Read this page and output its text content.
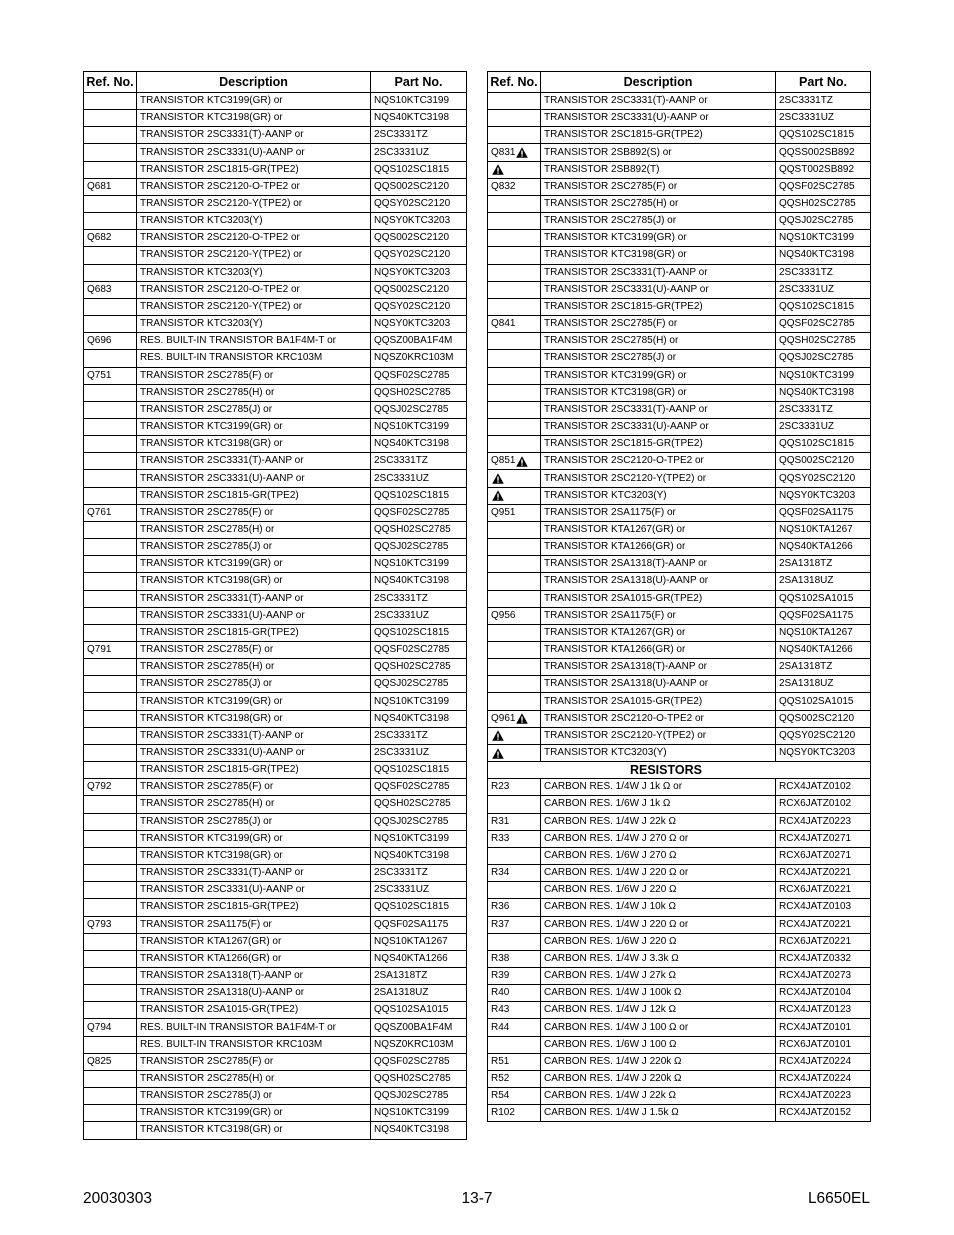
Ref. No.	Description	Part No.
TRANSISTOR KTC3199(GR) or	NQS10KTC3199
TRANSISTOR KTC3198(GR) or	NQS40KTC3198
TRANSISTOR 2SC3331(T)-AANP or	2SC3331TZ
TRANSISTOR 2SC3331(U)-AANP or	2SC3331UZ
TRANSISTOR 2SC1815-GR(TPE2)	QQS102SC1815
Q681	TRANSISTOR 2SC2120-O-TPE2 or	QQS002SC2120
TRANSISTOR 2SC2120-Y(TPE2) or	QQSY02SC2120
TRANSISTOR KTC3203(Y)	NQSY0KTC3203
Q682	TRANSISTOR 2SC2120-O-TPE2 or	QQS002SC2120
TRANSISTOR 2SC2120-Y(TPE2) or	QQSY02SC2120
TRANSISTOR KTC3203(Y)	NQSY0KTC3203
Q683	TRANSISTOR 2SC2120-O-TPE2 or	QQS002SC2120
TRANSISTOR 2SC2120-Y(TPE2) or	QQSY02SC2120
TRANSISTOR KTC3203(Y)	NQSY0KTC3203
Q696	RES. BUILT-IN TRANSISTOR BA1F4M-T or	QQSZ00BA1F4M
RES. BUILT-IN TRANSISTOR KRC103M	NQSZ0KRC103M
Q751	TRANSISTOR 2SC2785(F) or	QQSF02SC2785
TRANSISTOR 2SC2785(H) or	QQSH02SC2785
TRANSISTOR 2SC2785(J) or	QQSJ02SC2785
TRANSISTOR KTC3199(GR) or	NQS10KTC3199
TRANSISTOR KTC3198(GR) or	NQS40KTC3198
TRANSISTOR 2SC3331(T)-AANP or	2SC3331TZ
TRANSISTOR 2SC3331(U)-AANP or	2SC3331UZ
TRANSISTOR 2SC1815-GR(TPE2)	QQS102SC1815
Q761	TRANSISTOR 2SC2785(F) or	QQSF02SC2785
TRANSISTOR 2SC2785(H) or	QQSH02SC2785
TRANSISTOR 2SC2785(J) or	QQSJ02SC2785
TRANSISTOR KTC3199(GR) or	NQS10KTC3199
TRANSISTOR KTC3198(GR) or	NQS40KTC3198
TRANSISTOR 2SC3331(T)-AANP or	2SC3331TZ
TRANSISTOR 2SC3331(U)-AANP or	2SC3331UZ
TRANSISTOR 2SC1815-GR(TPE2)	QQS102SC1815
Q791	TRANSISTOR 2SC2785(F) or	QQSF02SC2785
TRANSISTOR 2SC2785(H) or	QQSH02SC2785
TRANSISTOR 2SC2785(J) or	QQSJ02SC2785
TRANSISTOR KTC3199(GR) or	NQS10KTC3199
TRANSISTOR KTC3198(GR) or	NQS40KTC3198
TRANSISTOR 2SC3331(T)-AANP or	2SC3331TZ
TRANSISTOR 2SC3331(U)-AANP or	2SC3331UZ
TRANSISTOR 2SC1815-GR(TPE2)	QQS102SC1815
Q792	TRANSISTOR 2SC2785(F) or	QQSF02SC2785
TRANSISTOR 2SC2785(H) or	QQSH02SC2785
TRANSISTOR 2SC2785(J) or	QQSJ02SC2785
TRANSISTOR KTC3199(GR) or	NQS10KTC3199
TRANSISTOR KTC3198(GR) or	NQS40KTC3198
TRANSISTOR 2SC3331(T)-AANP or	2SC3331TZ
TRANSISTOR 2SC3331(U)-AANP or	2SC3331UZ
TRANSISTOR 2SC1815-GR(TPE2)	QQS102SC1815
Q793	TRANSISTOR 2SA1175(F) or	QQSF02SA1175
TRANSISTOR KTA1267(GR) or	NQS10KTA1267
TRANSISTOR KTA1266(GR) or	NQS40KTA1266
TRANSISTOR 2SA1318(T)-AANP or	2SA1318TZ
TRANSISTOR 2SA1318(U)-AANP or	2SA1318UZ
TRANSISTOR 2SA1015-GR(TPE2)	QQS102SA1015
Q794	RES. BUILT-IN TRANSISTOR BA1F4M-T or	QQSZ00BA1F4M
RES. BUILT-IN TRANSISTOR KRC103M	NQSZ0KRC103M
Q825	TRANSISTOR 2SC2785(F) or	QQSF02SC2785
TRANSISTOR 2SC2785(H) or	QQSH02SC2785
TRANSISTOR 2SC2785(J) or	QQSJ02SC2785
TRANSISTOR KTC3199(GR) or	NQS10KTC3199
TRANSISTOR KTC3198(GR) or	NQS40KTC3198
Ref. No.	Description	Part No.
TRANSISTOR 2SC3331(T)-AANP or	2SC3331TZ
TRANSISTOR 2SC3331(U)-AANP or	2SC3331UZ
TRANSISTOR 2SC1815-GR(TPE2)	QQS102SC1815
Q831	TRANSISTOR 2SB892(S) or	QQSS002SB892
TRANSISTOR 2SB892(T)	QQST002SB892
Q832	TRANSISTOR 2SC2785(F) or	QQSF02SC2785
TRANSISTOR 2SC2785(H) or	QQSH02SC2785
TRANSISTOR 2SC2785(J) or	QQSJ02SC2785
TRANSISTOR KTC3199(GR) or	NQS10KTC3199
TRANSISTOR KTC3198(GR) or	NQS40KTC3198
TRANSISTOR 2SC3331(T)-AANP or	2SC3331TZ
TRANSISTOR 2SC3331(U)-AANP or	2SC3331UZ
TRANSISTOR 2SC1815-GR(TPE2)	QQS102SC1815
Q841	TRANSISTOR 2SC2785(F) or	QQSF02SC2785
TRANSISTOR 2SC2785(H) or	QQSH02SC2785
TRANSISTOR 2SC2785(J) or	QQSJ02SC2785
TRANSISTOR KTC3199(GR) or	NQS10KTC3199
TRANSISTOR KTC3198(GR) or	NQS40KTC3198
TRANSISTOR 2SC3331(T)-AANP or	2SC3331TZ
TRANSISTOR 2SC3331(U)-AANP or	2SC3331UZ
TRANSISTOR 2SC1815-GR(TPE2)	QQS102SC1815
Q851	TRANSISTOR 2SC2120-O-TPE2 or	QQS002SC2120
TRANSISTOR 2SC2120-Y(TPE2) or	QQSY02SC2120
TRANSISTOR KTC3203(Y)	NQSY0KTC3203
Q951	TRANSISTOR 2SA1175(F) or	QQSF02SA1175
TRANSISTOR KTA1267(GR) or	NQS10KTA1267
TRANSISTOR KTA1266(GR) or	NQS40KTA1266
TRANSISTOR 2SA1318(T)-AANP or	2SA1318TZ
TRANSISTOR 2SA1318(U)-AANP or	2SA1318UZ
TRANSISTOR 2SA1015-GR(TPE2)	QQS102SA1015
Q956	TRANSISTOR 2SA1175(F) or	QQSF02SA1175
TRANSISTOR KTA1267(GR) or	NQS10KTA1267
TRANSISTOR KTA1266(GR) or	NQS40KTA1266
TRANSISTOR 2SA1318(T)-AANP or	2SA1318TZ
TRANSISTOR 2SA1318(U)-AANP or	2SA1318UZ
TRANSISTOR 2SA1015-GR(TPE2)	QQS102SA1015
Q961	TRANSISTOR 2SC2120-O-TPE2 or	QQS002SC2120
TRANSISTOR 2SC2120-Y(TPE2) or	QQSY02SC2120
TRANSISTOR KTC3203(Y)	NQSY0KTC3203
RESISTORS
R23	CARBON RES. 1/4W J 1k Ω or	RCX4JATZ0102
CARBON RES. 1/6W J 1k Ω	RCX6JATZ0102
R31	CARBON RES. 1/4W J 22k Ω	RCX4JATZ0223
R33	CARBON RES. 1/4W J 270 Ω or	RCX4JATZ0271
CARBON RES. 1/6W J 270 Ω	RCX6JATZ0271
R34	CARBON RES. 1/4W J 220 Ω or	RCX4JATZ0221
CARBON RES. 1/6W J 220 Ω	RCX6JATZ0221
R36	CARBON RES. 1/4W J 10k Ω	RCX4JATZ0103
R37	CARBON RES. 1/4W J 220 Ω or	RCX4JATZ0221
CARBON RES. 1/6W J 220 Ω	RCX6JATZ0221
R38	CARBON RES. 1/4W J 3.3k Ω	RCX4JATZ0332
R39	CARBON RES. 1/4W J 27k Ω	RCX4JATZ0273
R40	CARBON RES. 1/4W J 100k Ω	RCX4JATZ0104
R43	CARBON RES. 1/4W J 12k Ω	RCX4JATZ0123
R44	CARBON RES. 1/4W J 100 Ω or	RCX4JATZ0101
CARBON RES. 1/6W J 100 Ω	RCX6JATZ0101
R51	CARBON RES. 1/4W J 220k Ω	RCX4JATZ0224
R52	CARBON RES. 1/4W J 220k Ω	RCX4JATZ0224
R54	CARBON RES. 1/4W J 22k Ω	RCX4JATZ0223
R102	CARBON RES. 1/4W J 1.5k Ω	RCX4JATZ0152
20030303	13-7	L6650EL
